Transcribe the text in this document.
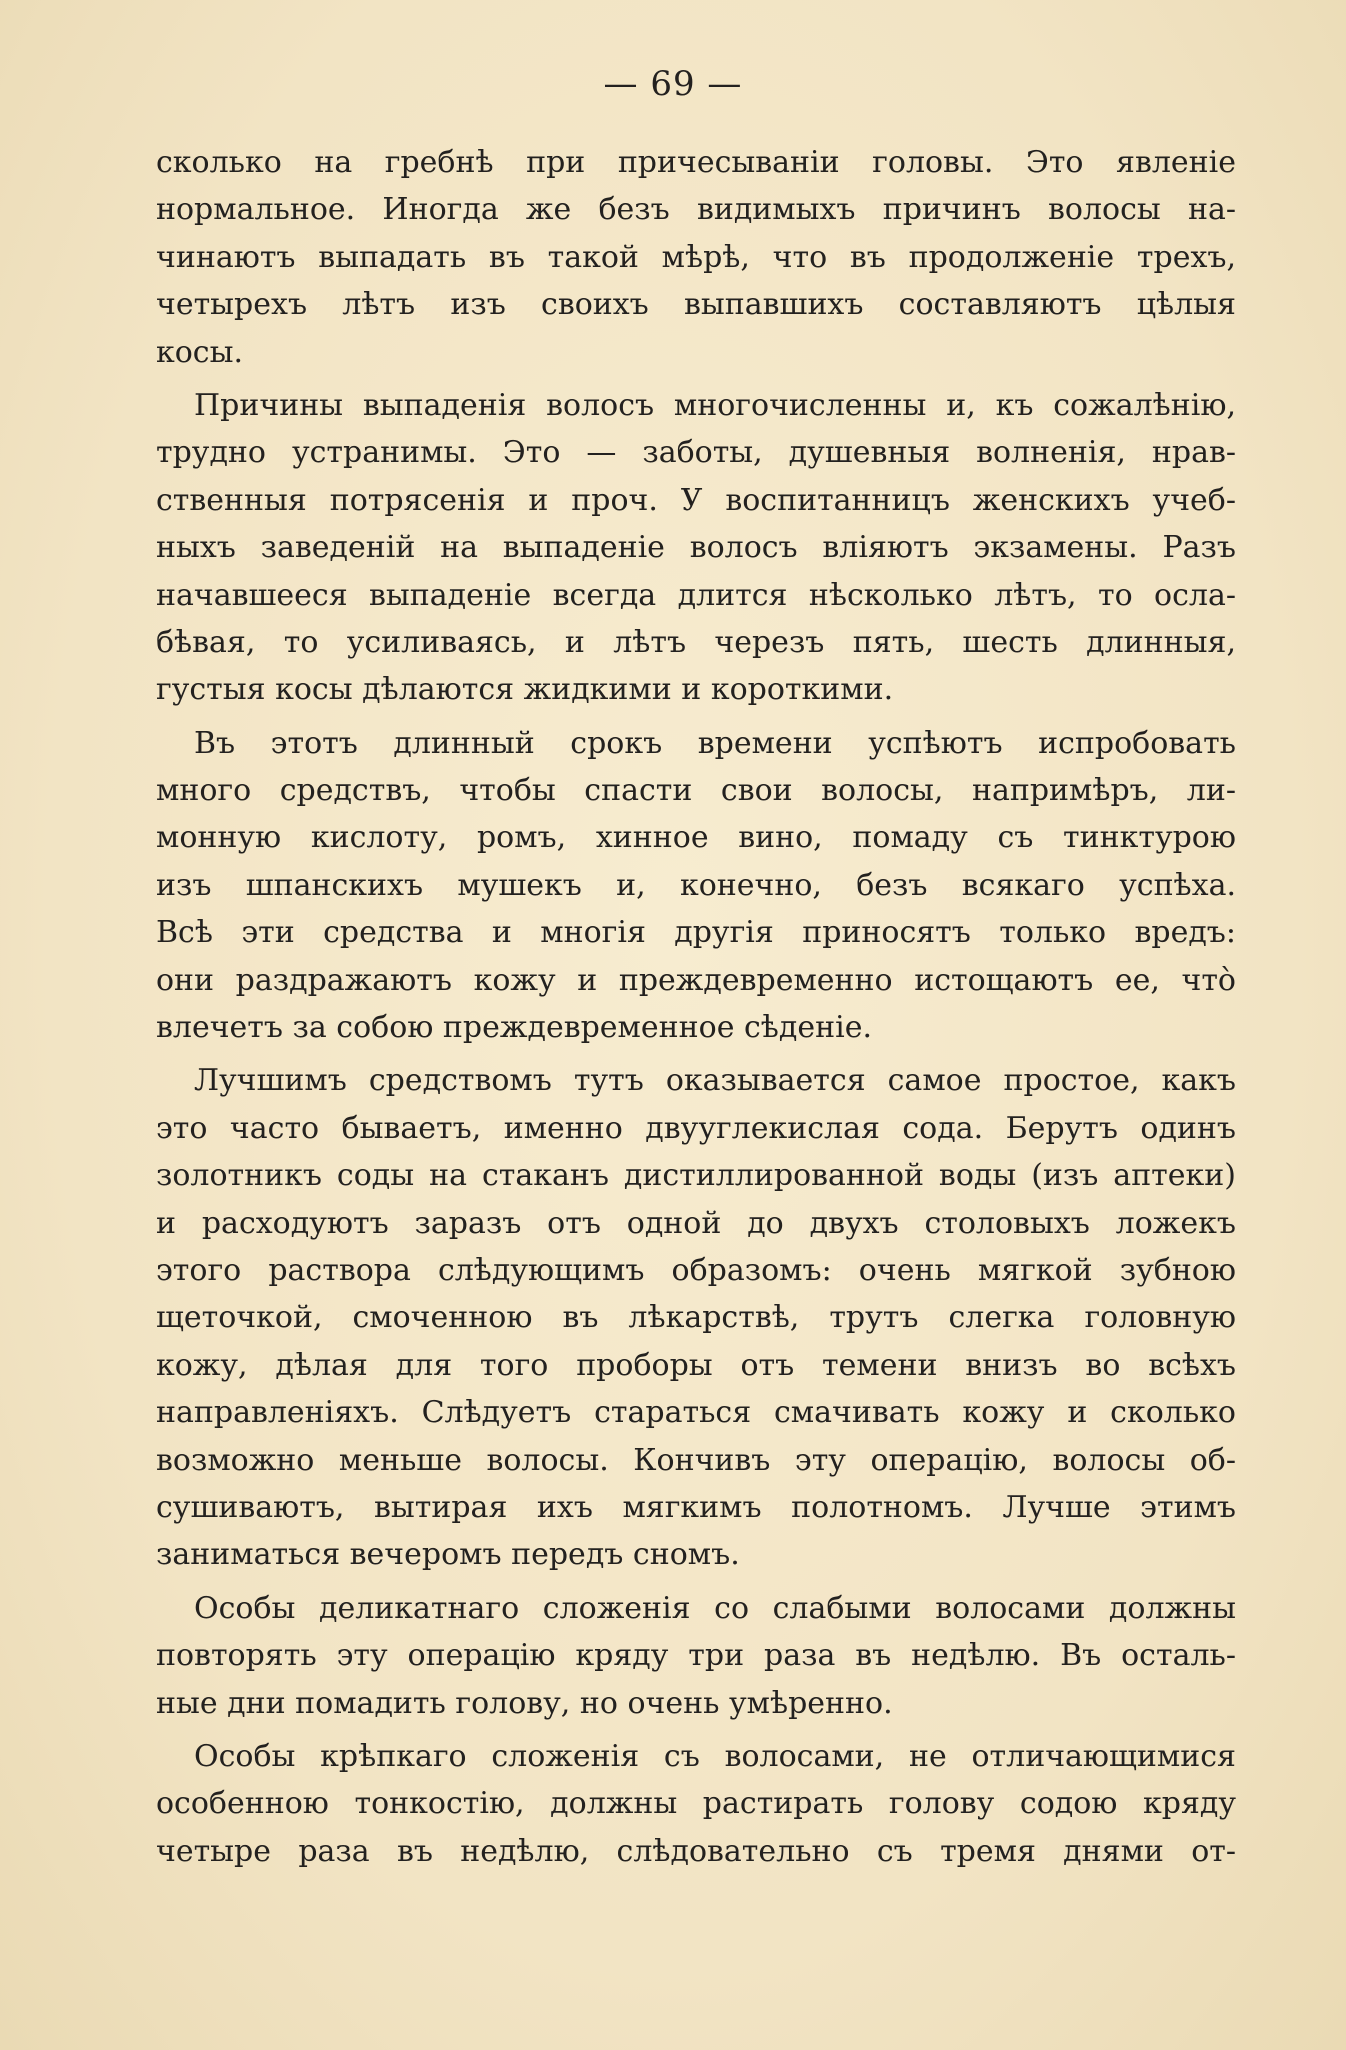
— 69 —
сколько на гребнѣ при причесыванiи головы. Это явленiе
нормальное. Иногда же безъ видимыхъ причинъ волосы на-
чинаютъ выпадать въ такой мѣрѣ, что въ продолженiе трехъ,
четырехъ лѣтъ изъ своихъ выпавшихъ составляютъ цѣлыя
косы.
Причины выпаденiя волосъ многочисленны и, къ сожалѣнiю,
трудно устранимы. Это — заботы, душевныя волненiя, нрав-
ственныя потрясенiя и проч. У воспитанницъ женскихъ учеб-
ныхъ заведенiй на выпаденiе волосъ влiяютъ экзамены. Разъ
начавшееся выпаденiе всегда длится нѣсколько лѣтъ, то осла-
бѣвая, то усиливаясь, и лѣтъ черезъ пять, шесть длинныя,
густыя косы дѣлаются жидкими и короткими.
Въ этотъ длинный срокъ времени успѣютъ испробовать
много средствъ, чтобы спасти свои волосы, напримѣръ, ли-
монную кислоту, ромъ, хинное вино, помаду съ тинктурою
изъ шпанскихъ мушекъ и, конечно, безъ всякаго успѣха.
Всѣ эти средства и многiя другiя приносятъ только вредъ:
они раздражаютъ кожу и преждевременно истощаютъ ее, что̀
влечетъ за собою преждевременное сѣденiе.
Лучшимъ средствомъ тутъ оказывается самое простое, какъ
это часто бываетъ, именно двууглекислая сода. Берутъ одинъ
золотникъ соды на стаканъ дистиллированной воды (изъ аптеки)
и расходуютъ заразъ отъ одной до двухъ столовыхъ ложекъ
этого раствора слѣдующимъ образомъ: очень мягкой зубною
щеточкой, смоченною въ лѣкарствѣ, трутъ слегка головную
кожу, дѣлая для того проборы отъ темени внизъ во всѣхъ
направленiяхъ. Слѣдуетъ стараться смачивать кожу и сколько
возможно меньше волосы. Кончивъ эту операцiю, волосы об-
сушиваютъ, вытирая ихъ мягкимъ полотномъ. Лучше этимъ
заниматься вечеромъ передъ сномъ.
Особы деликатнаго сложенiя со слабыми волосами должны
повторять эту операцiю кряду три раза въ недѣлю. Въ осталь-
ные дни помадить голову, но очень умѣренно.
Особы крѣпкаго сложенiя съ волосами, не отличающимися
особенною тонкостiю, должны растирать голову содою кряду
четыре раза въ недѣлю, слѣдовательно съ тремя днями от-
